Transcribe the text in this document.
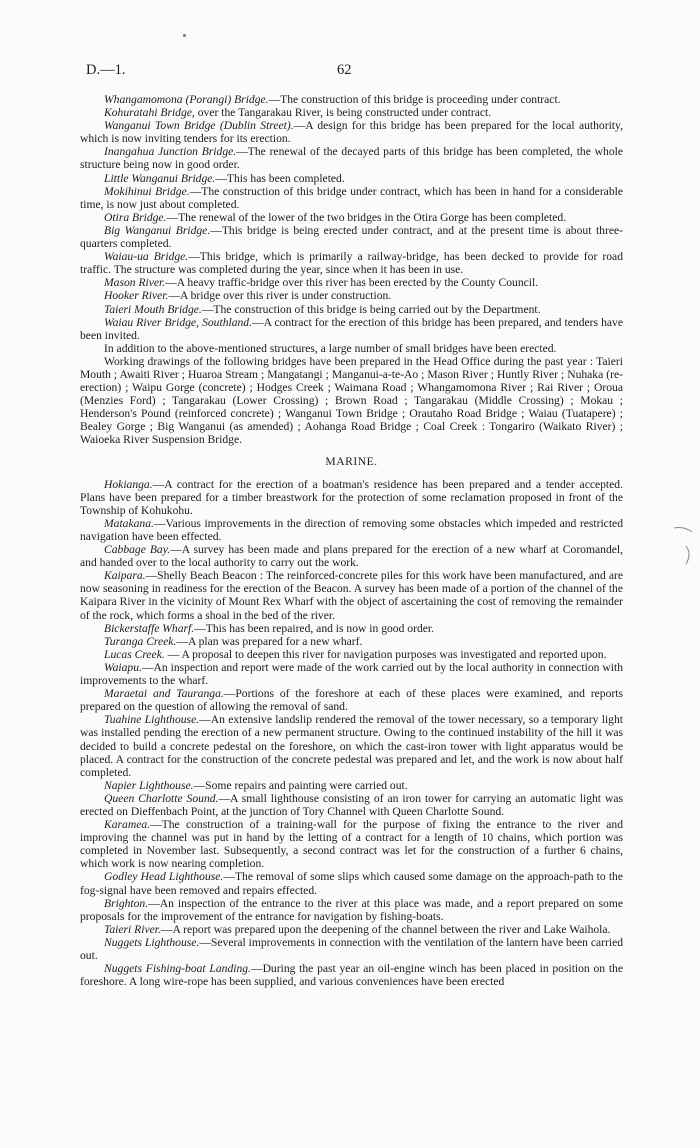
D.—1.	62

Whangamomona (Porangi) Bridge.—The construction of this bridge is proceeding under contract.

Kohuratahi Bridge, over the Tangarakau River, is being constructed under contract.

Wanganui Town Bridge (Dublin Street).—A design for this bridge has been prepared for the local authority, which is now inviting tenders for its erection.

Inangahua Junction Bridge.—The renewal of the decayed parts of this bridge has been completed, the whole structure being now in good order.

Little Wanganui Bridge.—This has been completed.

Mokihinui Bridge.—The construction of this bridge under contract, which has been in hand for a considerable time, is now just about completed.

Otira Bridge.—The renewal of the lower of the two bridges in the Otira Gorge has been completed.

Big Wanganui Bridge.—This bridge is being erected under contract, and at the present time is about three-quarters completed.

Waiau-ua Bridge.—This bridge, which is primarily a railway-bridge, has been decked to provide for road traffic. The structure was completed during the year, since when it has been in use.

Mason River.—A heavy traffic-bridge over this river has been erected by the County Council.

Hooker River.—A bridge over this river is under construction.

Taieri Mouth Bridge.—The construction of this bridge is being carried out by the Department.

Waiau River Bridge, Southland.—A contract for the erection of this bridge has been prepared, and tenders have been invited.

In addition to the above-mentioned structures, a large number of small bridges have been erected.

Working drawings of the following bridges have been prepared in the Head Office during the past year : Taieri Mouth ; Awaiti River ; Huaroa Stream ; Mangatangi ; Manganui-a-te-Ao ; Mason River ; Huntly River ; Nuhaka (re-erection) ; Waipu Gorge (concrete) ; Hodges Creek ; Waimana Road ; Whangamomona River ; Rai River ; Oroua (Menzies Ford) ; Tangarakau (Lower Crossing) ; Brown Road ; Tangarakau (Middle Crossing) ; Mokau ; Henderson's Pound (reinforced concrete) ; Wanganui Town Bridge ; Orautaho Road Bridge ; Waiau (Tuatapere) ; Bealey Gorge ; Big Wanganui (as amended) ; Aohanga Road Bridge ; Coal Creek : Tongariro (Waikato River) ; Waioeka River Suspension Bridge.

MARINE.

Hokianga.—A contract for the erection of a boatman's residence has been prepared and a tender accepted. Plans have been prepared for a timber breastwork for the protection of some reclamation proposed in front of the Township of Kohukohu.

Matakana.—Various improvements in the direction of removing some obstacles which impeded and restricted navigation have been effected.

Cabbage Bay.—A survey has been made and plans prepared for the erection of a new wharf at Coromandel, and handed over to the local authority to carry out the work.

Kaipara.—Shelly Beach Beacon : The reinforced-concrete piles for this work have been manufactured, and are now seasoning in readiness for the erection of the Beacon. A survey has been made of a portion of the channel of the Kaipara River in the vicinity of Mount Rex Wharf with the object of ascertaining the cost of removing the remainder of the rock, which forms a shoal in the bed of the river.

Bickerstaffe Wharf.—This has been repaired, and is now in good order.

Turanga Creek.—A plan was prepared for a new wharf.

Lucas Creek. — A proposal to deepen this river for navigation purposes was investigated and reported upon.

Waiapu.—An inspection and report were made of the work carried out by the local authority in connection with improvements to the wharf.

Maraetai and Tauranga.—Portions of the foreshore at each of these places were examined, and reports prepared on the question of allowing the removal of sand.

Tuahine Lighthouse.—An extensive landslip rendered the removal of the tower necessary, so a temporary light was installed pending the erection of a new permanent structure. Owing to the continued instability of the hill it was decided to build a concrete pedestal on the foreshore, on which the cast-iron tower with light apparatus would be placed. A contract for the construction of the concrete pedestal was prepared and let, and the work is now about half completed.

Napier Lighthouse.—Some repairs and painting were carried out.

Queen Charlotte Sound.—A small lighthouse consisting of an iron tower for carrying an automatic light was erected on Dieffenbach Point, at the junction of Tory Channel with Queen Charlotte Sound.

Karamea.—The construction of a training-wall for the purpose of fixing the entrance to the river and improving the channel was put in hand by the letting of a contract for a length of 10 chains, which portion was completed in November last. Subsequently, a second contract was let for the construction of a further 6 chains, which work is now nearing completion.

Godley Head Lighthouse.—The removal of some slips which caused some damage on the approach-path to the fog-signal have been removed and repairs effected.

Brighton.—An inspection of the entrance to the river at this place was made, and a report prepared on some proposals for the improvement of the entrance for navigation by fishing-boats.

Taieri River.—A report was prepared upon the deepening of the channel between the river and Lake Waihola.

Nuggets Lighthouse.—Several improvements in connection with the ventilation of the lantern have been carried out.

Nuggets Fishing-boat Landing.—During the past year an oil-engine winch has been placed in position on the foreshore. A long wire-rope has been supplied, and various conveniences have been erected
